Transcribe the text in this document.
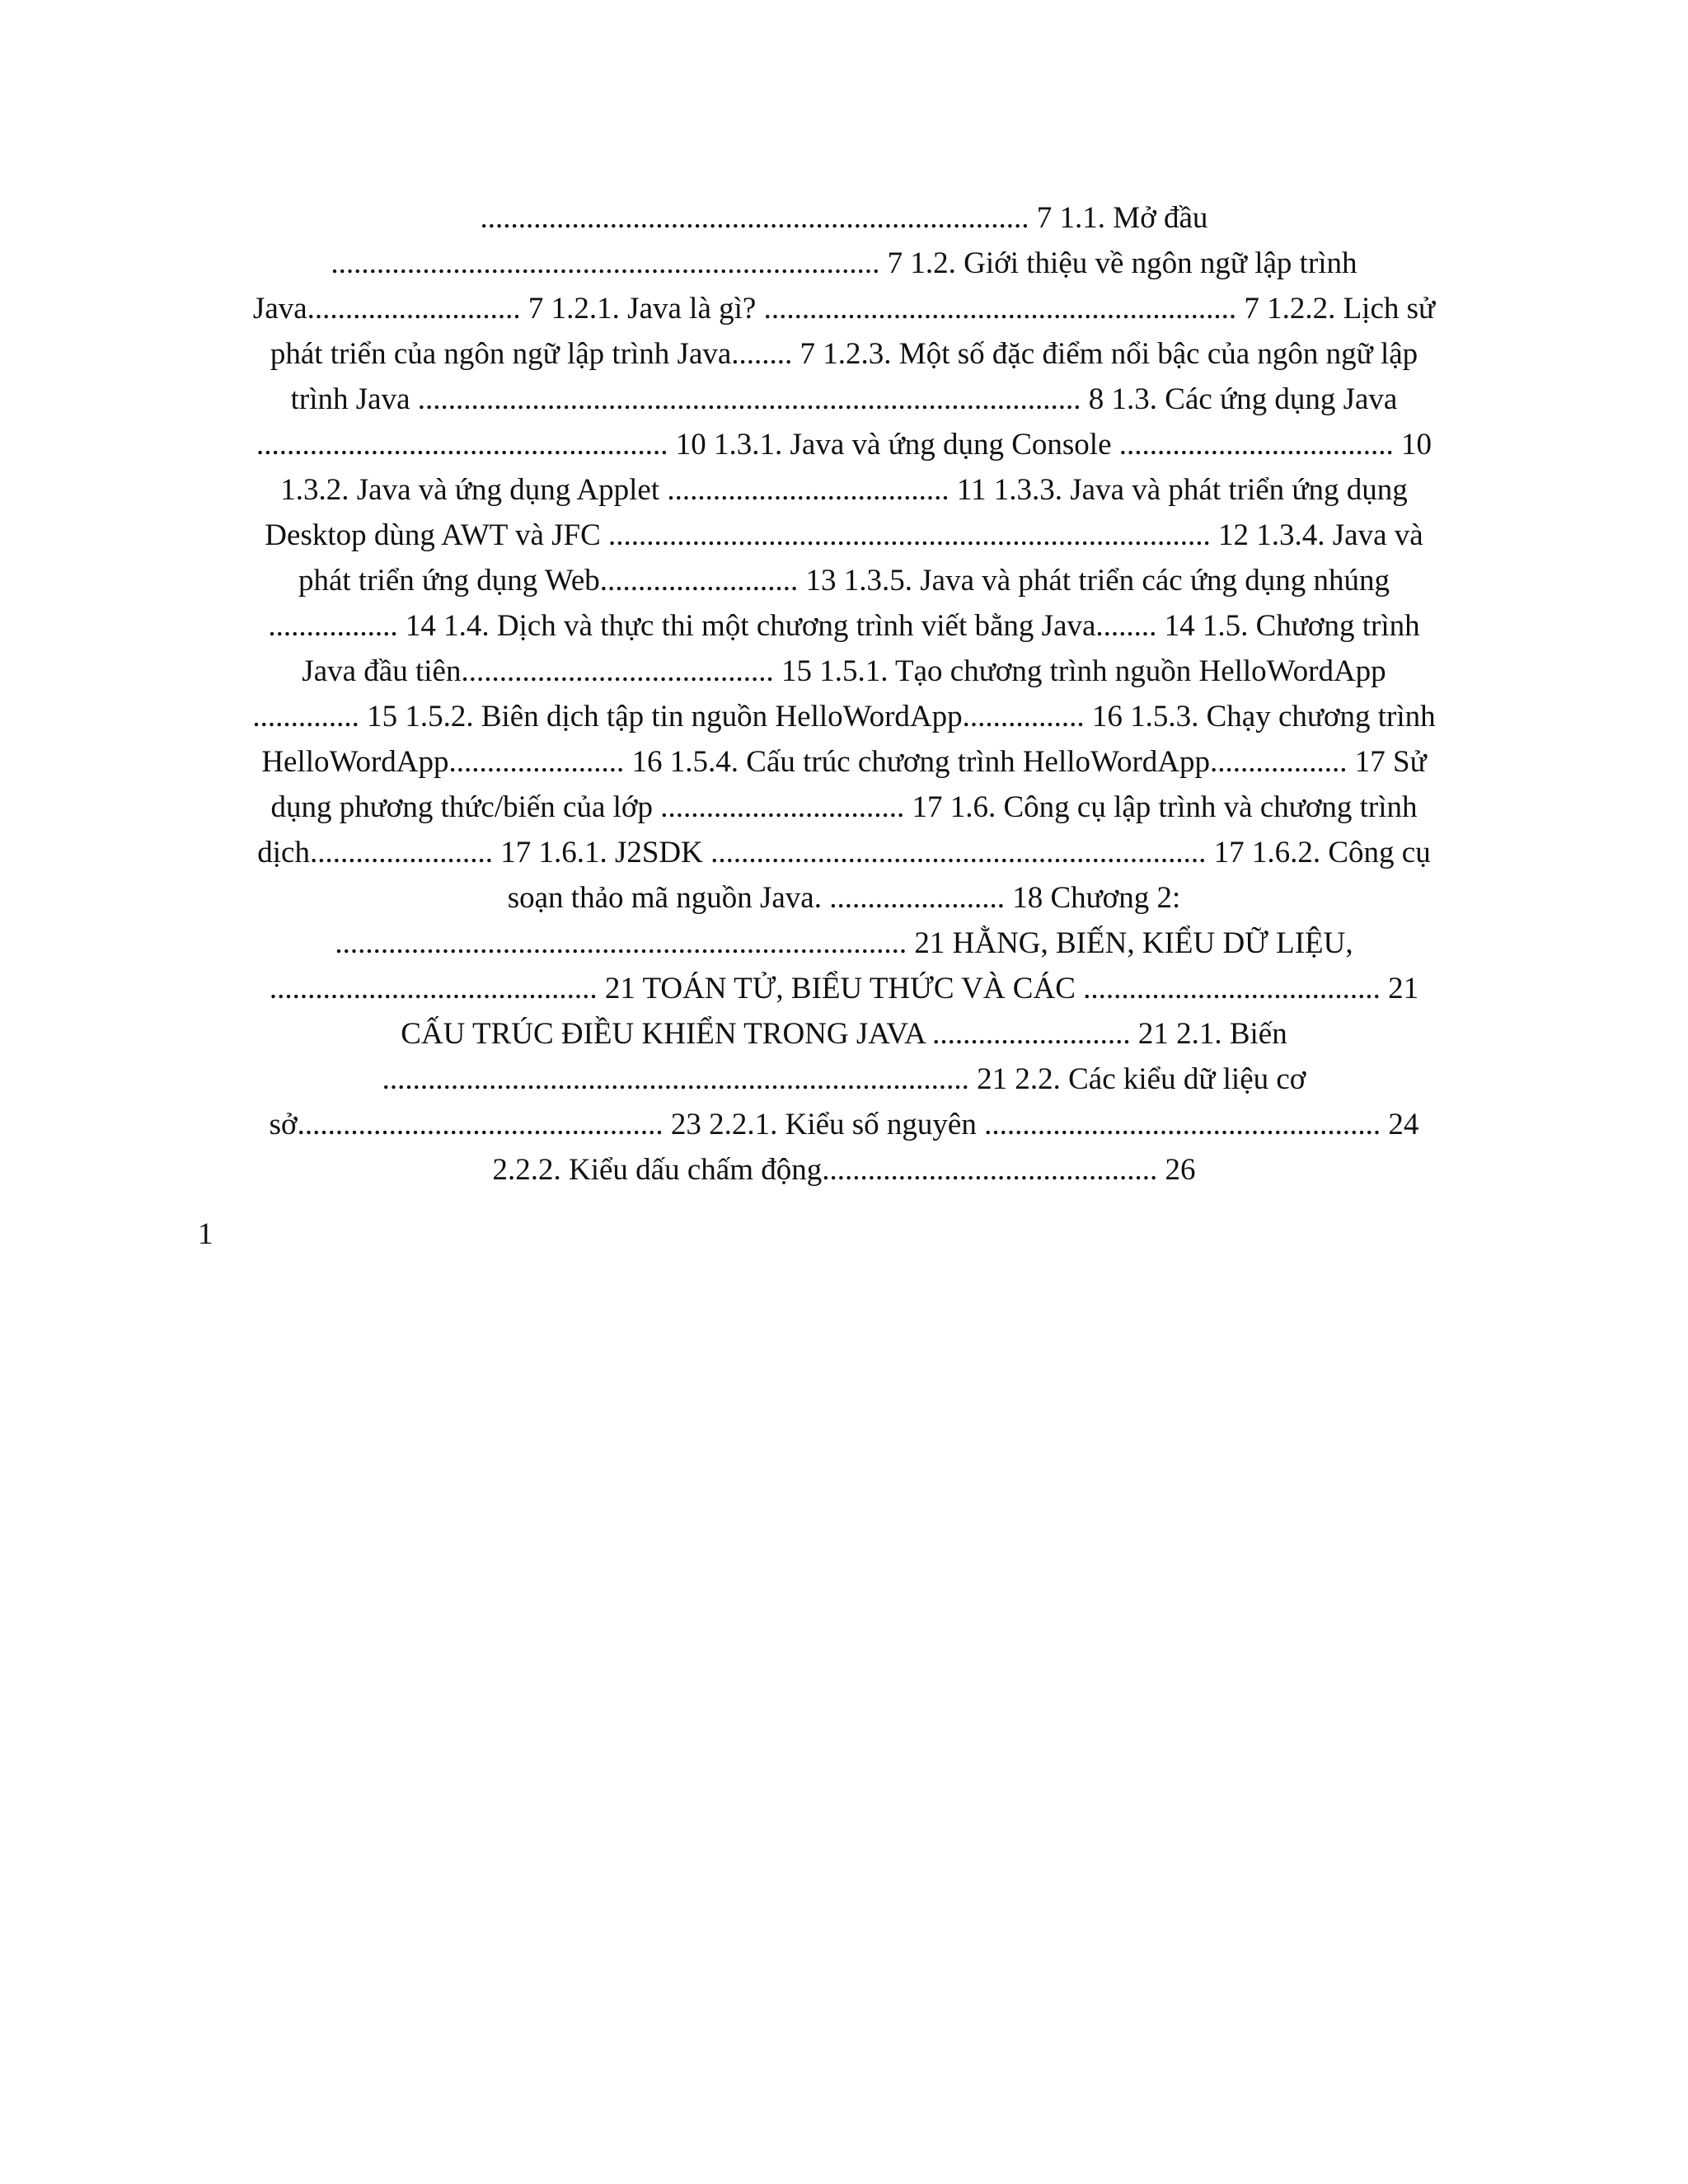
........................................................................ 7 1.1. Mở đầu
........................................................................ 7 1.2. Giới thiệu về ngôn ngữ lập trình
Java............................ 7 1.2.1. Java là gì? .............................................................. 7 1.2.2. Lịch sử
phát triển của ngôn ngữ lập trình Java........ 7 1.2.3. Một số đặc điểm nổi bậc của ngôn ngữ lập
trình Java ....................................................................................... 8 1.3. Các ứng dụng Java
...................................................... 10 1.3.1. Java và ứng dụng Console .................................... 10
1.3.2. Java và ứng dụng Applet ..................................... 11 1.3.3. Java và phát triển ứng dụng
Desktop dùng AWT và JFC ............................................................................... 12 1.3.4. Java và
phát triển ứng dụng Web.......................... 13 1.3.5. Java và phát triển các ứng dụng nhúng
................. 14 1.4. Dịch và thực thi một chương trình viết bằng Java........ 14 1.5. Chương trình
Java đầu tiên......................................... 15 1.5.1. Tạo chương trình nguồn HelloWordApp
.............. 15 1.5.2. Biên dịch tập tin nguồn HelloWordApp................ 16 1.5.3. Chạy chương trình
HelloWordApp....................... 16 1.5.4. Cấu trúc chương trình HelloWordApp.................. 17 Sử
dụng phương thức/biến của lớp ................................ 17 1.6. Công cụ lập trình và chương trình
dịch........................ 17 1.6.1. J2SDK ................................................................. 17 1.6.2. Công cụ
soạn thảo mã nguồn Java. ....................... 18 Chương 2:
........................................................................... 21 HẰNG, BIẾN, KIỂU DỮ LIỆU,
........................................... 21 TOÁN TỬ, BIỂU THỨC VÀ CÁC ....................................... 21
CẤU TRÚC ĐIỀU KHIỂN TRONG JAVA .......................... 21 2.1. Biến
............................................................................. 21 2.2. Các kiểu dữ liệu cơ
sở................................................ 23 2.2.1. Kiểu số nguyên .................................................... 24
2.2.2. Kiểu dấu chấm động............................................ 26
1
